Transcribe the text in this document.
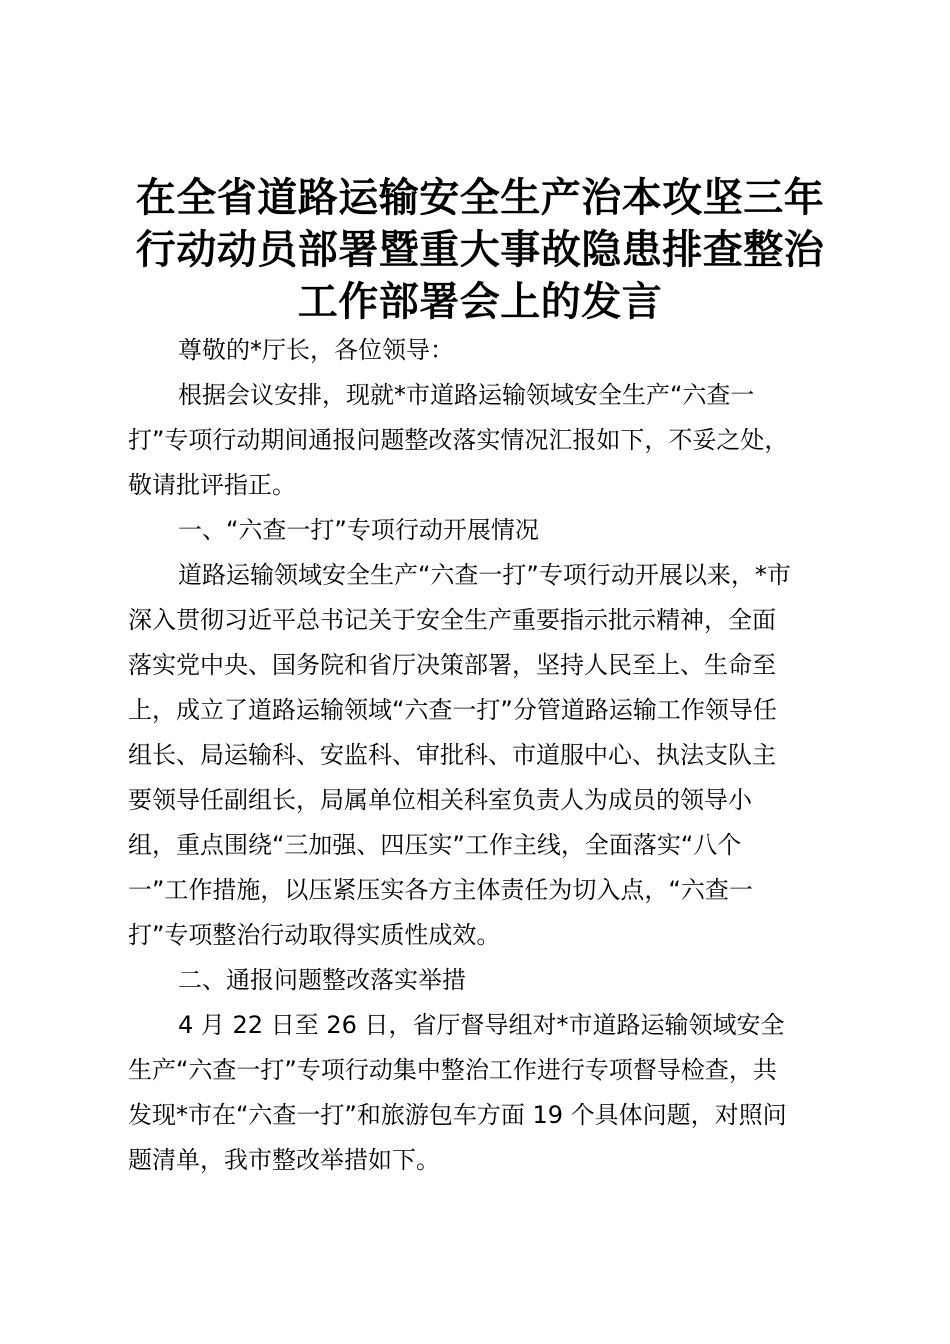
在全省道路运输安全生产治本攻坚三年
行动动员部署暨重大事故隐患排查整治
工作部署会上的发言
尊敬的*厅长，各位领导：
根据会议安排，现就*市道路运输领域安全生产“六查一
打”专项行动期间通报问题整改落实情况汇报如下，不妥之处，
敬请批评指正。
一、“六查一打”专项行动开展情况
道路运输领域安全生产“六查一打”专项行动开展以来，*市
深入贯彻习近平总书记关于安全生产重要指示批示精神，全面
落实党中央、国务院和省厅决策部署，坚持人民至上、生命至
上，成立了道路运输领域“六查一打”分管道路运输工作领导任
组长、局运输科、安监科、审批科、市道服中心、执法支队主
要领导任副组长，局属单位相关科室负责人为成员的领导小
组，重点围绕“三加强、四压实”工作主线，全面落实“八个
一”工作措施，以压紧压实各方主体责任为切入点，“六查一
打”专项整治行动取得实质性成效。
二、通报问题整改落实举措
4 月 22 日至 26 日，省厅督导组对*市道路运输领域安全
生产“六查一打”专项行动集中整治工作进行专项督导检查，共
发现*市在“六查一打”和旅游包车方面 19 个具体问题，对照问
题清单，我市整改举措如下。
